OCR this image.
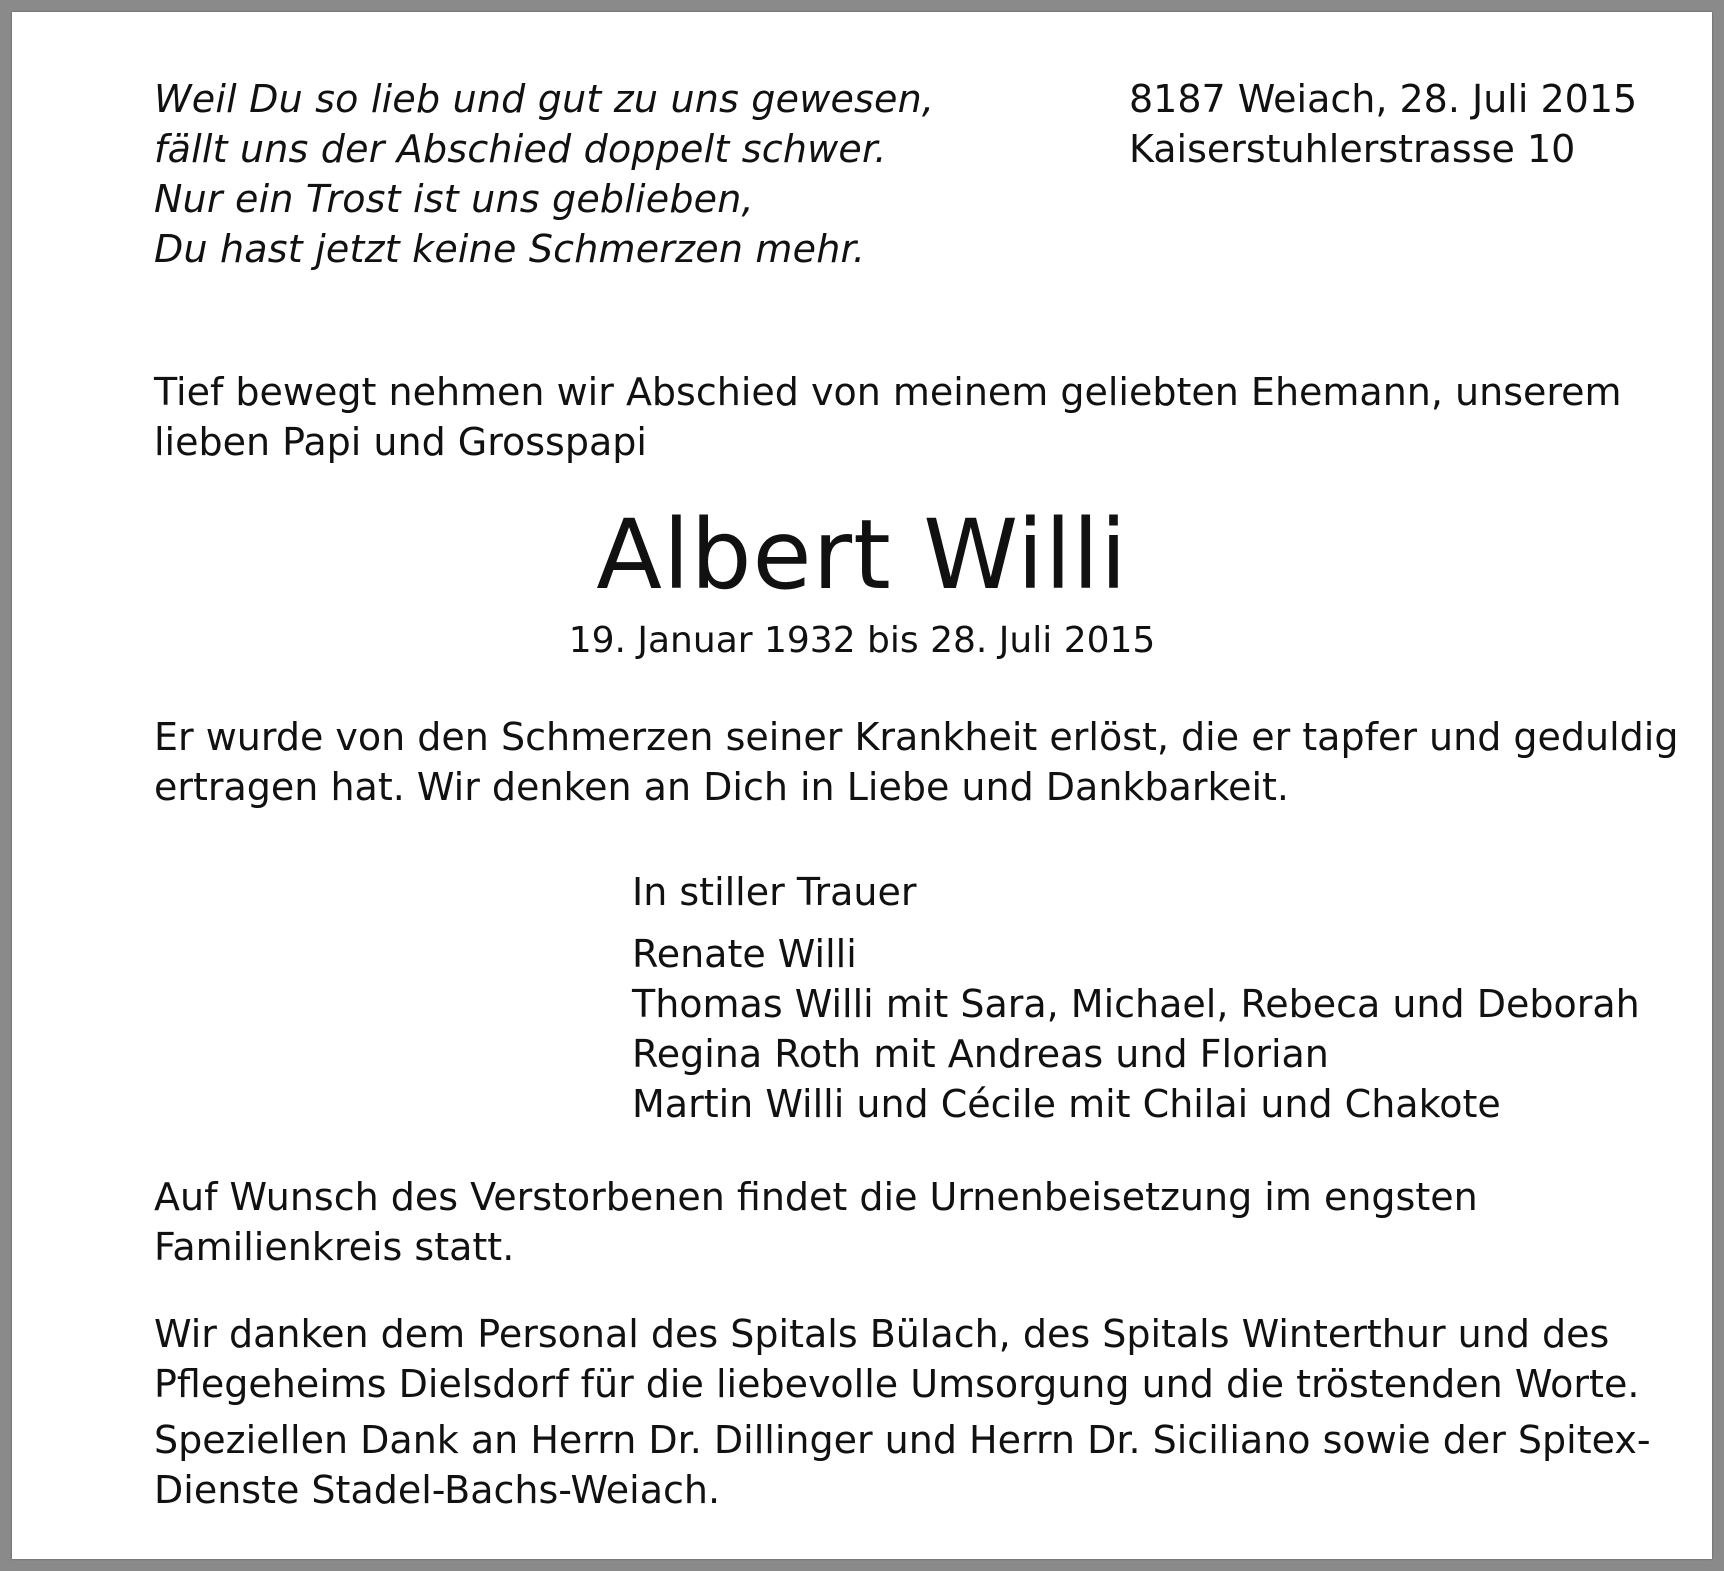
Weil Du so lieb und gut zu uns gewesen,
fällt uns der Abschied doppelt schwer.
Nur ein Trost ist uns geblieben,
Du hast jetzt keine Schmerzen mehr.
8187 Weiach, 28. Juli 2015
Kaiserstuhlerstrasse 10
Tief bewegt nehmen wir Abschied von meinem geliebten Ehemann, unserem
lieben Papi und Grosspapi
Albert Willi
19. Januar 1932 bis 28. Juli 2015
Er wurde von den Schmerzen seiner Krankheit erlöst, die er tapfer und geduldig
ertragen hat. Wir denken an Dich in Liebe und Dankbarkeit.
In stiller Trauer
Renate Willi
Thomas Willi mit Sara, Michael, Rebeca und Deborah
Regina Roth mit Andreas und Florian
Martin Willi und Cécile mit Chilai und Chakote
Auf Wunsch des Verstorbenen findet die Urnenbeisetzung im engsten
Familienkreis statt.
Wir danken dem Personal des Spitals Bülach, des Spitals Winterthur und des
Pflegeheims Dielsdorf für die liebevolle Umsorgung und die tröstenden Worte.
Speziellen Dank an Herrn Dr. Dillinger und Herrn Dr. Siciliano sowie der Spitex-
Dienste Stadel-Bachs-Weiach.
